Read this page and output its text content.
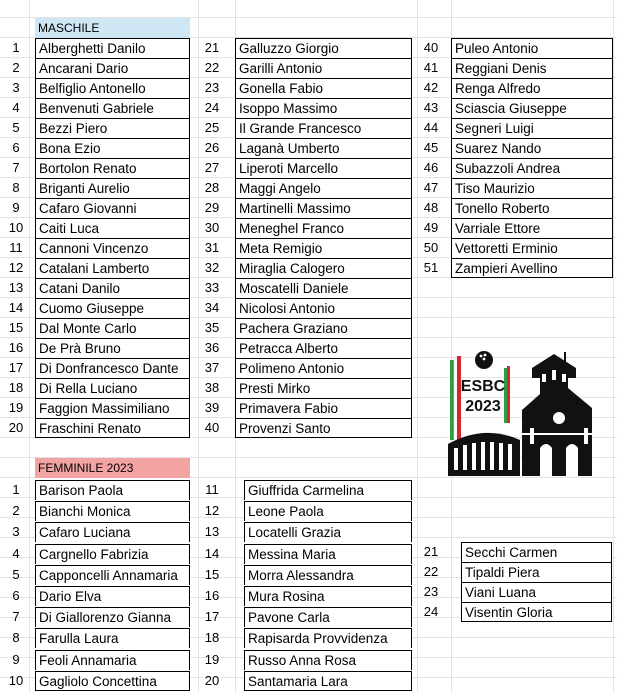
MASCHILE
FEMMINILE 2023
1	Alberghetti Danilo
2	Ancarani Dario
3	Belfiglio Antonello
4	Benvenuti Gabriele
5	Bezzi Piero
6	Bona Ezio
7	Bortolon Renato
8	Briganti Aurelio
9	Cafaro Giovanni
10 Caiti Luca
11	Cannoni Vincenzo
12 Catalani Lamberto
13 Catani Danilo
14 Cuomo Giuseppe
15 Dal Monte Carlo
16 De Prà Bruno
17 Di Donfrancesco Dante
18 Di Rella Luciano
19 Faggion Massimiliano
20 Fraschini Renato
21 Galluzzo Giorgio
22 Garilli Antonio
23 Gonella Fabio
24 Isoppo Massimo
25 Il Grande Francesco
26 Laganà Umberto
27 Liperoti Marcello
28 Maggi Angelo
29 Martinelli Massimo
30 Meneghel Franco
31 Meta Remigio
32 Miraglia Calogero
33 Moscatelli Daniele
34 Nicolosi Antonio
35 Pachera Graziano
36 Petracca Alberto
37 Polimeno Antonio
38 Presti Mirko
39 Primavera Fabio
40 Provenzi Santo
40 Puleo Antonio
41 Reggiani Denis
42 Renga Alfredo
43 Sciascia Giuseppe
44 Segneri Luigi
45 Suarez Nando
46 Subazzoli Andrea
47 Tiso Maurizio
48 Tonello Roberto
49 Varriale Ettore
50 Vettoretti Erminio
51 Zampieri Avellino
1	Barison Paola
2	Bianchi Monica
3	Cafaro Luciana
4	Cargnello Fabrizia
5	Capponcelli Annamaria
6	Dario Elva
7	Di Giallorenzo Gianna
8	Farulla Laura
9	Feoli Annamaria
10 Gagliolo Concettina
11	Giuffrida Carmelina
12 Leone Paola
13 Locatelli Grazia
14 Messina Maria
15 Morra Alessandra
16 Mura Rosina
17 Pavone Carla
18 Rapisarda Provvidenza
19 Russo Anna Rosa
20 Santamaria Lara
21 Secchi Carmen
22 Tipaldi Piera
23 Viani Luana
24 Visentin Gloria
ESBC
2023
